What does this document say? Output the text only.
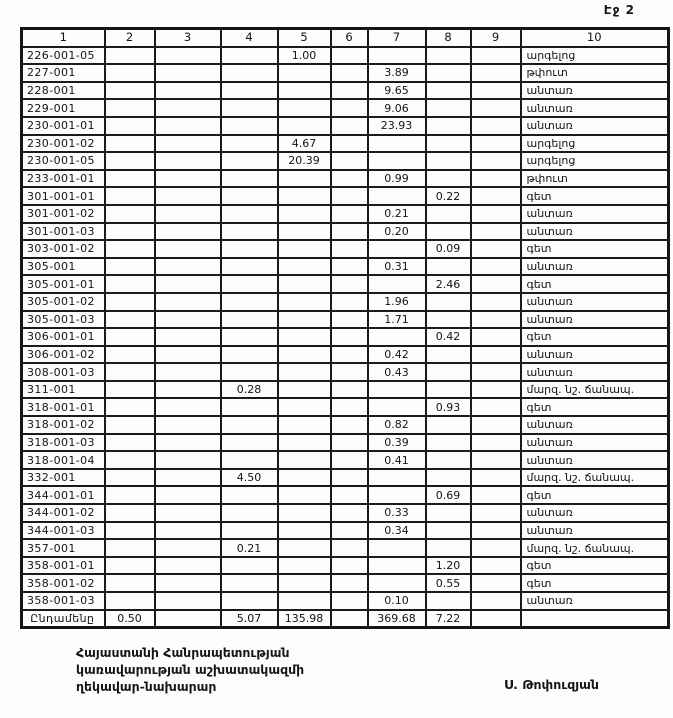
Էջ 2
1	2	3	4	5	6	7	8	9	10
226-001-05				1.00					արգելոց
227-001						3.89			թփուտ
228-001						9.65			անտառ
229-001						9.06			անտառ
230-001-01						23.93			անտառ
230-001-02				4.67					արգելոց
230-001-05				20.39					արգելոց
233-001-01						0.99			թփուտ
301-001-01							0.22		գետ
301-001-02						0.21			անտառ
301-001-03						0.20			անտառ
303-001-02							0.09		գետ
305-001						0.31			անտառ
305-001-01							2.46		գետ
305-001-02						1.96			անտառ
305-001-03						1.71			անտառ
306-001-01							0.42		գետ
306-001-02						0.42			անտառ
308-001-03						0.43			անտառ
311-001			0.28						մարզ. նշ. ճանապ.
318-001-01							0.93		գետ
318-001-02						0.82			անտառ
318-001-03						0.39			անտառ
318-001-04						0.41			անտառ
332-001			4.50						մարզ. նշ. ճանապ.
344-001-01							0.69		գետ
344-001-02						0.33			անտառ
344-001-03						0.34			անտառ
357-001			0.21						մարզ. նշ. ճանապ.
358-001-01							1.20		գետ
358-001-02							0.55		գետ
358-001-03						0.10			անտառ
Ընդամենը	0.50		5.07	135.98		369.68	7.22		
Հայաստանի Հանրապետության
կառավարության աշխատակազմի
ղեկավար-նախարար	Ս. Թոփուզյան
